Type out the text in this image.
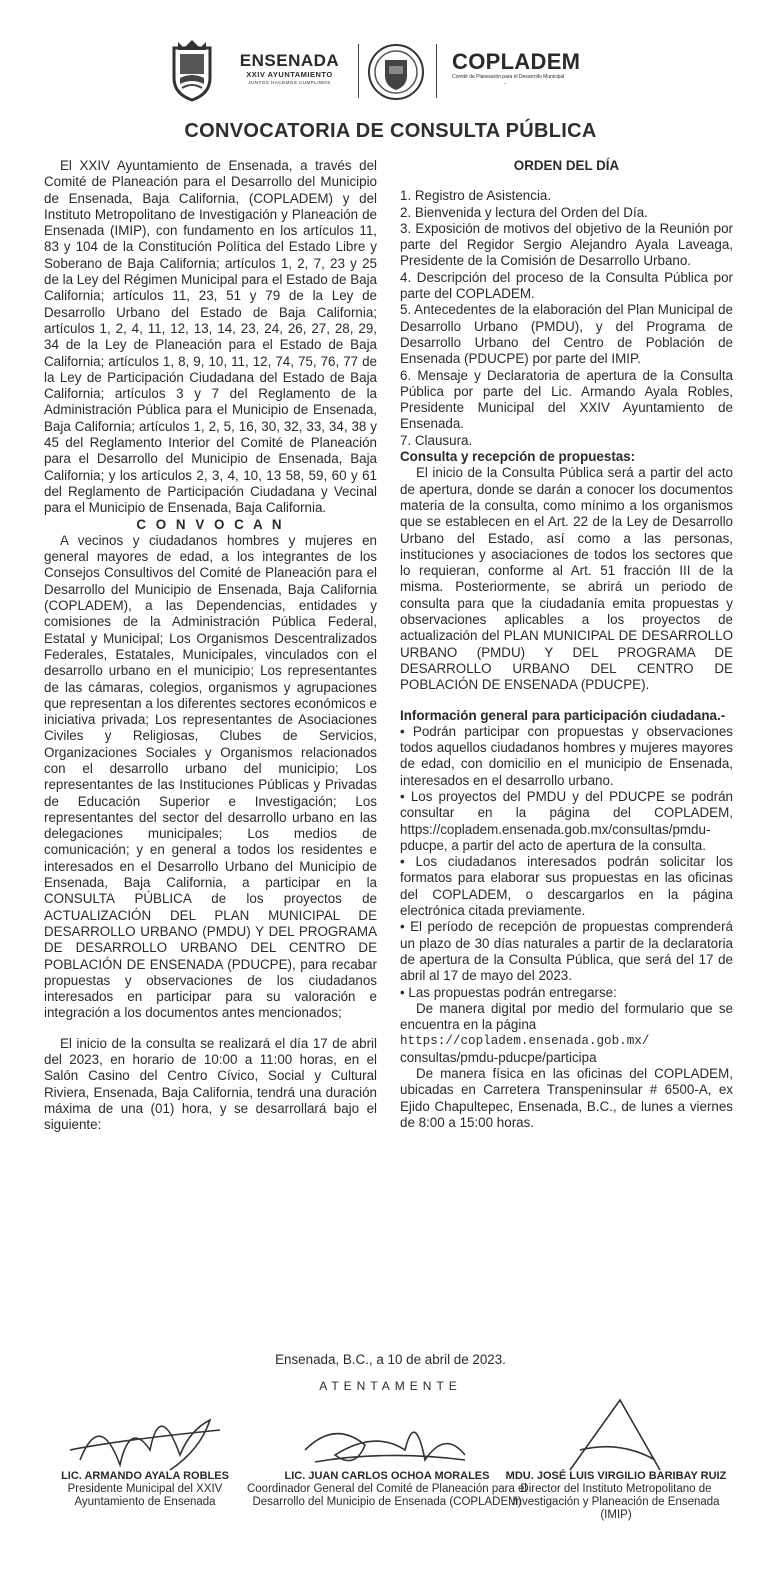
ENSENADA
XXIV AYUNTAMIENTO
JUNTOS HACEMOS CUMPLIMOS
COPLADEM
Comité de Planeación para el Desarrollo Municipal
-
CONVOCATORIA DE CONSULTA PÚBLICA

El XXIV Ayuntamiento de Ensenada, a través del Comité de Planeación para el Desarrollo del Municipio de Ensenada, Baja California, (COPLADEM) y del Instituto Metropolitano de Investigación y Planeación de Ensenada (IMIP), con fundamento en los artículos 11, 83 y 104 de la Constitución Política del Estado Libre y Soberano de Baja California; artículos 1, 2, 7, 23 y 25 de la Ley del Régimen Municipal para el Estado de Baja California; artículos 11, 23, 51 y 79 de la Ley de Desarrollo Urbano del Estado de Baja California; artículos 1, 2, 4, 11, 12, 13, 14, 23, 24, 26, 27, 28, 29, 34 de la Ley de Planeación para el Estado de Baja California; artículos 1, 8, 9, 10, 11, 12, 74, 75, 76, 77 de la Ley de Participación Ciudadana del Estado de Baja California; artículos 3 y 7 del Reglamento de la Administración Pública para el Municipio de Ensenada, Baja California; artículos 1, 2, 5, 16, 30, 32, 33, 34, 38 y 45 del Reglamento Interior del Comité de Planeación para el Desarrollo del Municipio de Ensenada, Baja California; y los artículos 2, 3, 4, 10, 13 58, 59, 60 y 61 del Reglamento de Participación Ciudadana y Vecinal para el Municipio de Ensenada, Baja California.

C O N V O C A N

A vecinos y ciudadanos hombres y mujeres en general mayores de edad, a los integrantes de los Consejos Consultivos del Comité de Planeación para el Desarrollo del Municipio de Ensenada, Baja California (COPLADEM), a las Dependencias, entidades y comisiones de la Administración Pública Federal, Estatal y Municipal; Los Organismos Descentralizados Federales, Estatales, Municipales, vinculados con el desarrollo urbano en el municipio; Los representantes de las cámaras, colegios, organismos y agrupaciones que representan a los diferentes sectores económicos e iniciativa privada; Los representantes de Asociaciones Civiles y Religiosas, Clubes de Servicios, Organizaciones Sociales y Organismos relacionados con el desarrollo urbano del municipio; Los representantes de las Instituciones Públicas y Privadas de Educación Superior e Investigación; Los representantes del sector del desarrollo urbano en las delegaciones municipales; Los medios de comunicación; y en general a todos los residentes e interesados en el Desarrollo Urbano del Municipio de Ensenada, Baja California, a participar en la CONSULTA PÚBLICA de los proyectos de ACTUALIZACIÓN DEL PLAN MUNICIPAL DE DESARROLLO URBANO (PMDU) Y DEL PROGRAMA DE DESARROLLO URBANO DEL CENTRO DE POBLACIÓN DE ENSENADA (PDUCPE), para recabar propuestas y observaciones de los ciudadanos interesados en participar para su valoración e integración a los documentos antes mencionados;

El inicio de la consulta se realizará el día 17 de abril del 2023, en horario de 10:00 a 11:00 horas, en el Salón Casino del Centro Cívico, Social y Cultural Riviera, Ensenada, Baja California, tendrá una duración máxima de una (01) hora, y se desarrollará bajo el siguiente:

ORDEN DEL DÍA

1. Registro de Asistencia.

2. Bienvenida y lectura del Orden del Día.

3. Exposición de motivos del objetivo de la Reunión por parte del Regidor Sergio Alejandro Ayala Laveaga, Presidente de la Comisión de Desarrollo Urbano.

4. Descripción del proceso de la Consulta Pública por parte del COPLADEM.

5. Antecedentes de la elaboración del Plan Municipal de Desarrollo Urbano (PMDU), y del Programa de Desarrollo Urbano del Centro de Población de Ensenada (PDUCPE) por parte del IMIP.

6. Mensaje y Declaratoria de apertura de la Consulta Pública por parte del Lic. Armando Ayala Robles, Presidente Municipal del XXIV Ayuntamiento de Ensenada.

7. Clausura.

Consulta y recepción de propuestas:

El inicio de la Consulta Pública será a partir del acto de apertura, donde se darán a conocer los documentos materia de la consulta, como mínimo a los organismos que se establecen en el Art. 22 de la Ley de Desarrollo Urbano del Estado, así como a las personas, instituciones y asociaciones de todos los sectores que lo requieran, conforme al Art. 51 fracción III de la misma. Posteriormente, se abrirá un periodo de consulta para que la ciudadanía emita propuestas y observaciones aplicables a los proyectos de actualización del PLAN MUNICIPAL DE DESARROLLO URBANO (PMDU) Y DEL PROGRAMA DE DESARROLLO URBANO DEL CENTRO DE POBLACIÓN DE ENSENADA (PDUCPE).

Información general para participación ciudadana.-

• Podrán participar con propuestas y observaciones todos aquellos ciudadanos hombres y mujeres mayores de edad, con domicilio en el municipio de Ensenada, interesados en el desarrollo urbano.

• Los proyectos del PMDU y del PDUCPE se podrán consultar en la página del COPLADEM, https://copladem.ensenada.gob.mx/consultas/pmdu-pducpe, a partir del acto de apertura de la consulta.

• Los ciudadanos interesados podrán solicitar los formatos para elaborar sus propuestas en las oficinas del COPLADEM, o descargarlos en la página electrónica citada previamente.

• El período de recepción de propuestas comprenderá un plazo de 30 días naturales a partir de la declaratoria de apertura de la Consulta Pública, que será del 17 de abril al 17 de mayo del 2023.

• Las propuestas podrán entregarse:

De manera digital por medio del formulario que se encuentra en la página

https://copladem.ensenada.gob.mx/

consultas/pmdu-pducpe/participa

De manera física en las oficinas del COPLADEM, ubicadas en Carretera Transpeninsular # 6500-A, ex Ejido Chapultepec, Ensenada, B.C., de lunes a viernes de 8:00 a 15:00 horas.

Ensenada, B.C., a 10 de abril de 2023.
ATENTAMENTE
LIC. ARMANDO AYALA ROBLES
Presidente Municipal del XXIV Ayuntamiento de Ensenada
LIC. JUAN CARLOS OCHOA MORALES
Coordinador General del Comité de Planeación para el Desarrollo del Municipio de Ensenada (COPLADEM)
MDU. JOSÉ LUIS VIRGILIO BARIBAY RUIZ
Director del Instituto Metropolitano de Investigación y Planeación de Ensenada (IMIP)
